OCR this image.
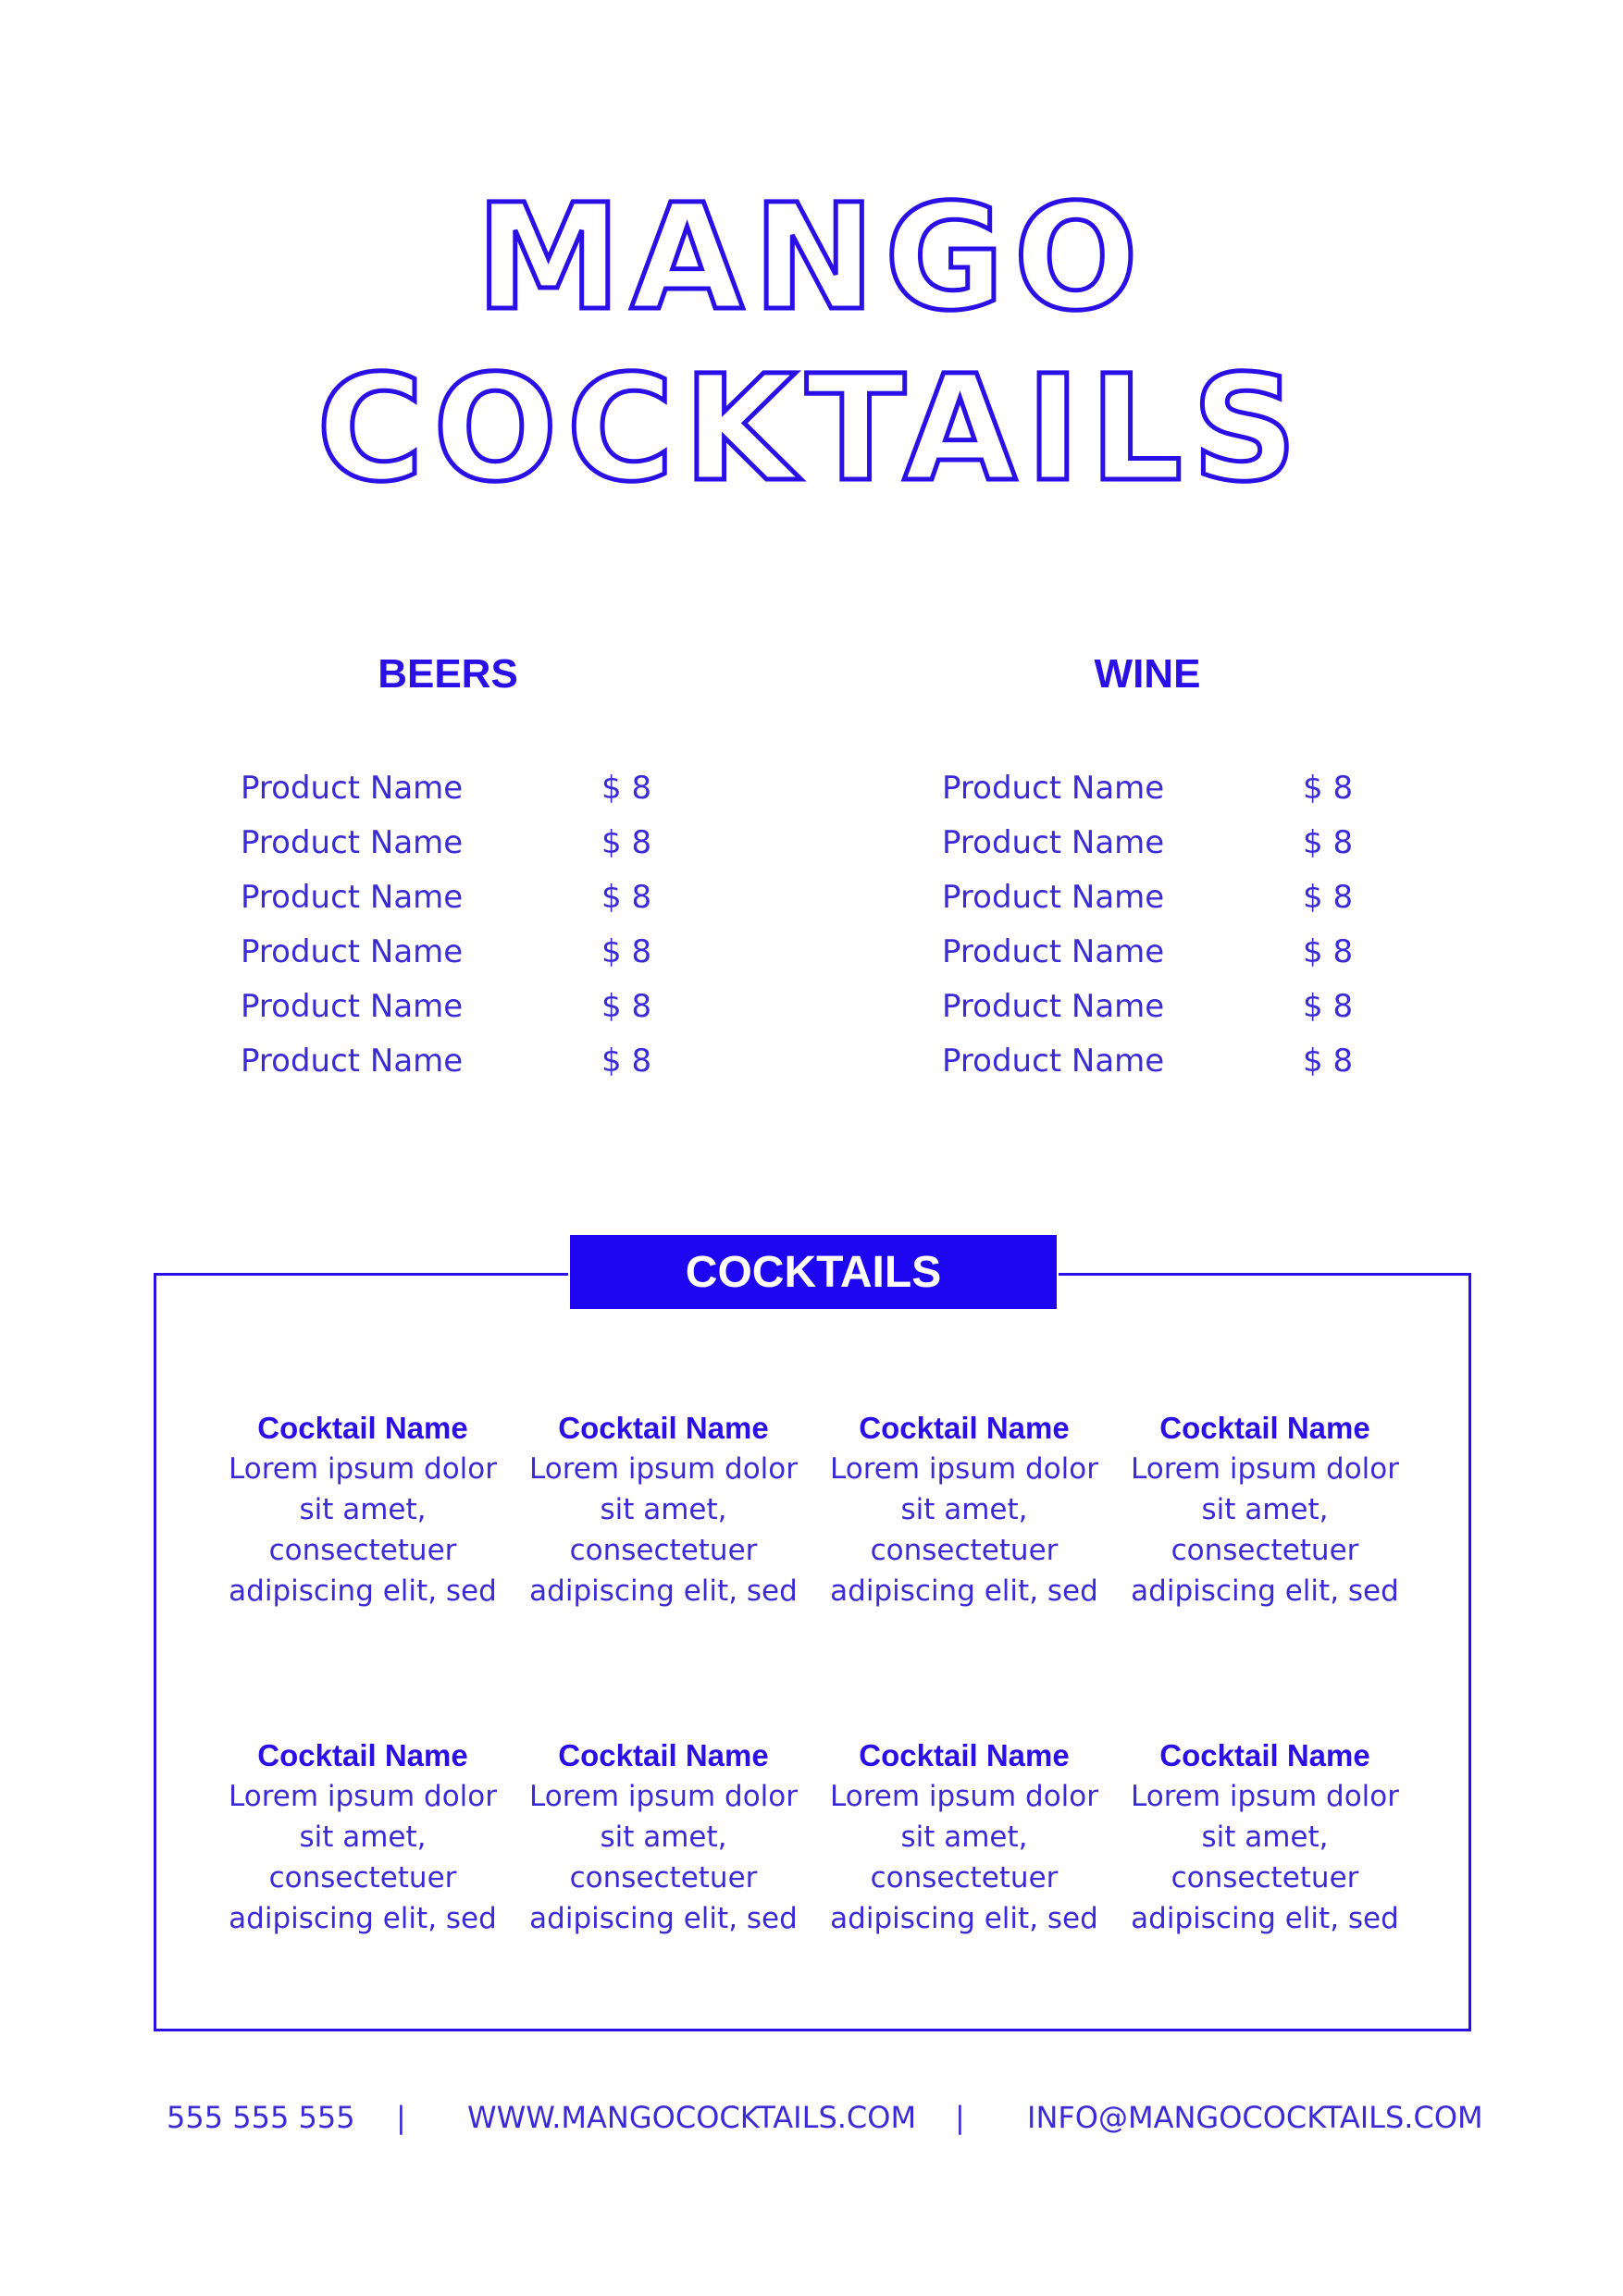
MANGO
COCKTAILS
BEERS	WINE
Product Name	$ 8
Product Name	$ 8
Product Name	$ 8
Product Name	$ 8
Product Name	$ 8
Product Name	$ 8
Product Name	$ 8
Product Name	$ 8
Product Name	$ 8
Product Name	$ 8
Product Name	$ 8
Product Name	$ 8
COCKTAILS
Cocktail Name
Lorem ipsum dolor sit amet, consectetuer adipiscing elit, sed
Cocktail Name
Lorem ipsum dolor sit amet, consectetuer adipiscing elit, sed
Cocktail Name
Lorem ipsum dolor sit amet, consectetuer adipiscing elit, sed
Cocktail Name
Lorem ipsum dolor sit amet, consectetuer adipiscing elit, sed
Cocktail Name
Lorem ipsum dolor sit amet, consectetuer adipiscing elit, sed
Cocktail Name
Lorem ipsum dolor sit amet, consectetuer adipiscing elit, sed
Cocktail Name
Lorem ipsum dolor sit amet, consectetuer adipiscing elit, sed
Cocktail Name
Lorem ipsum dolor sit amet, consectetuer adipiscing elit, sed
555 555 555 | WWW.MANGOCOCKTAILS.COM | INFO@MANGOCOCKTAILS.COM
